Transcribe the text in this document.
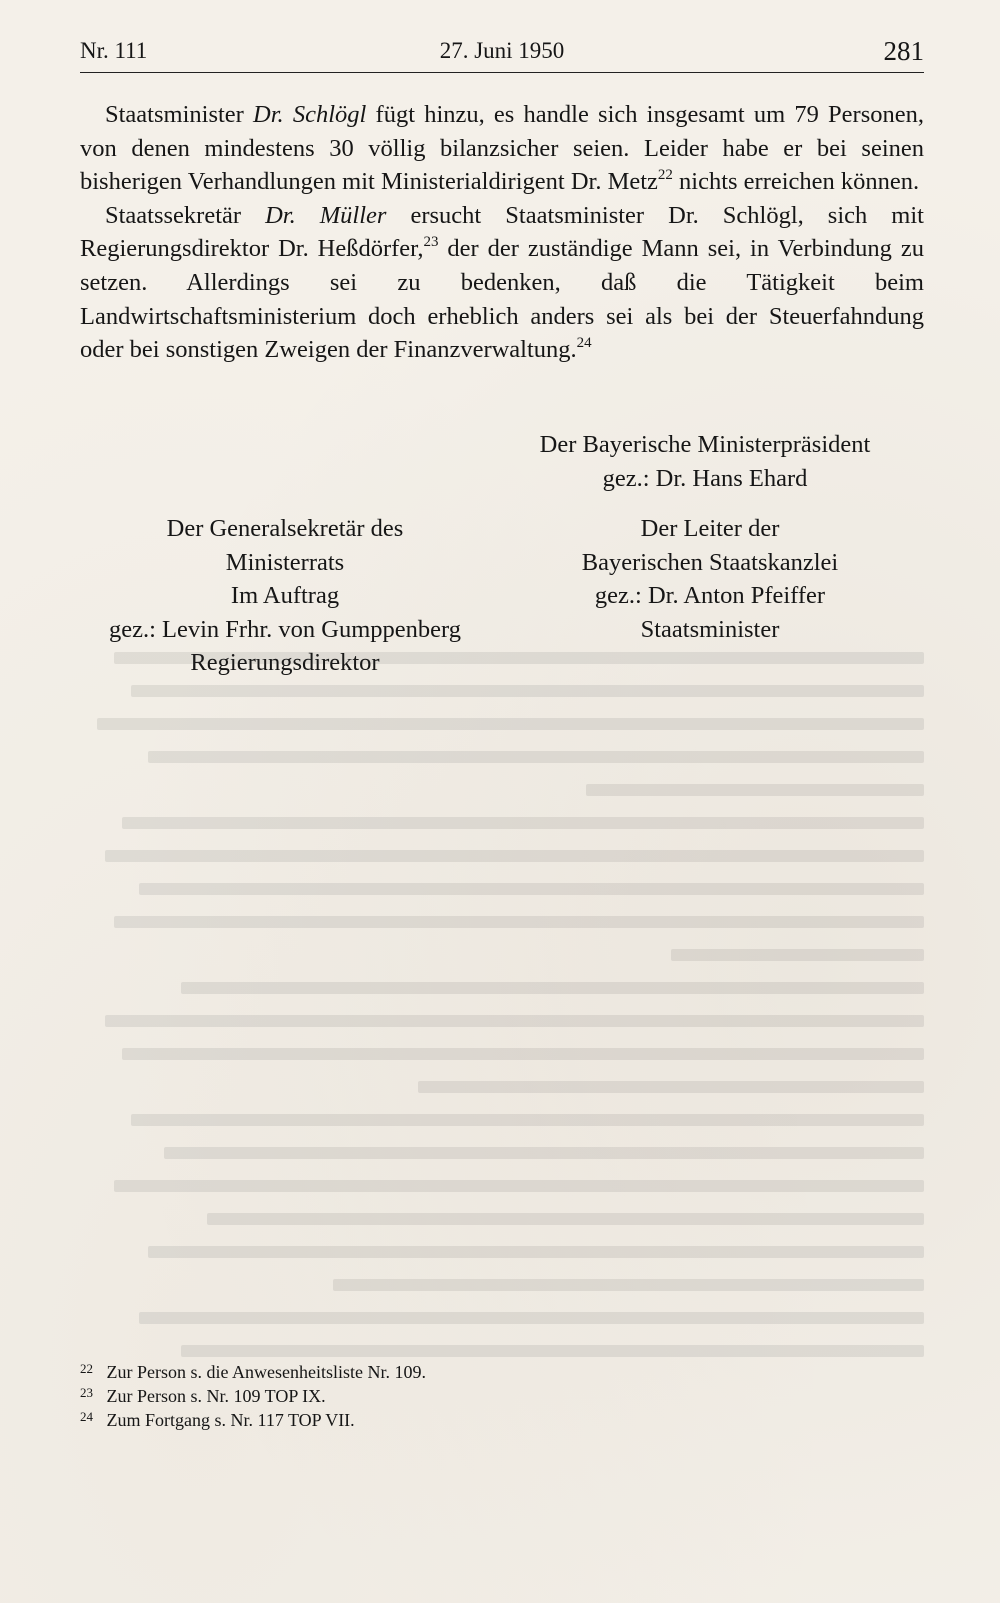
Nr. 111	27. Juni 1950	281

Staatsminister Dr. Schlögl fügt hinzu, es handle sich insgesamt um 79 Personen, von denen mindestens 30 völlig bilanzsicher seien. Leider habe er bei seinen bisherigen Verhandlungen mit Ministerialdirigent Dr. Metz$^{22}$ nichts erreichen können.

Staatssekretär Dr. Müller ersucht Staatsminister Dr. Schlögl, sich mit Regierungsdirektor Dr. Heßdörfer,$^{23}$ der der zuständige Mann sei, in Verbindung zu setzen. Allerdings sei zu bedenken, daß die Tätigkeit beim Landwirtschaftsministerium doch erheblich anders sei als bei der Steuerfahndung oder bei sonstigen Zweigen der Finanzverwaltung.$^{24}$

Der Bayerische Ministerpräsident
gez.: Dr. Hans Ehard
Der Generalsekretär des
Ministerrats
Im Auftrag
gez.: Levin Frhr. von Gumppenberg
Regierungsdirektor
Der Leiter der
Bayerischen Staatskanzlei
gez.: Dr. Anton Pfeiffer
Staatsminister
22 Zur Person s. die Anwesenheitsliste Nr. 109.
23 Zur Person s. Nr. 109 TOP IX.
24 Zum Fortgang s. Nr. 117 TOP VII.
